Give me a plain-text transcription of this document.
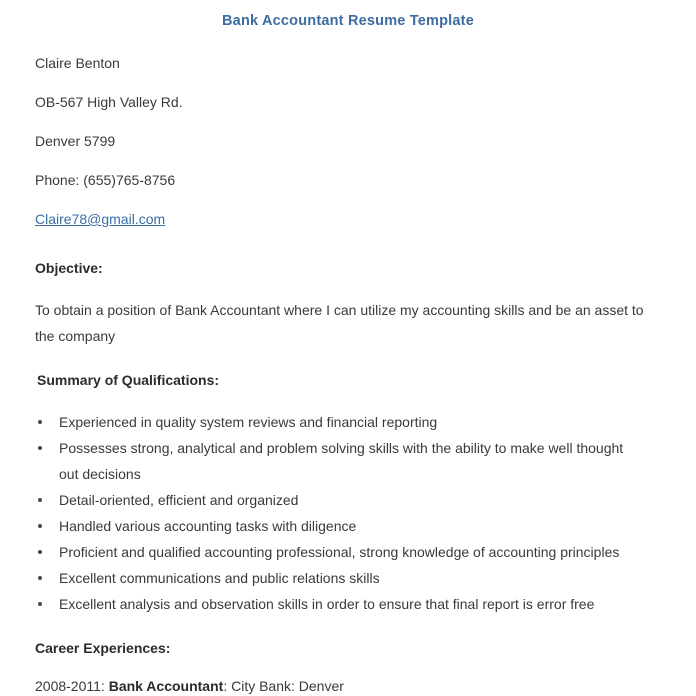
Bank Accountant Resume Template
Claire Benton
OB-567 High Valley Rd.
Denver 5799
Phone: (655)765-8756
Claire78@gmail.com
Objective:

To obtain a position of Bank Accountant where I can utilize my accounting skills and be an asset to the company

Summary of Qualifications:
Experienced in quality system reviews and financial reporting
Possesses strong, analytical and problem solving skills with the ability to make well thought out decisions
Detail-oriented, efficient and organized
Handled various accounting tasks with diligence
Proficient and qualified accounting professional, strong knowledge of accounting principles
Excellent communications and public relations skills
Excellent analysis and observation skills in order to ensure that final report is error free
Career Experiences:

2008-2011: Bank Accountant: City Bank: Denver
